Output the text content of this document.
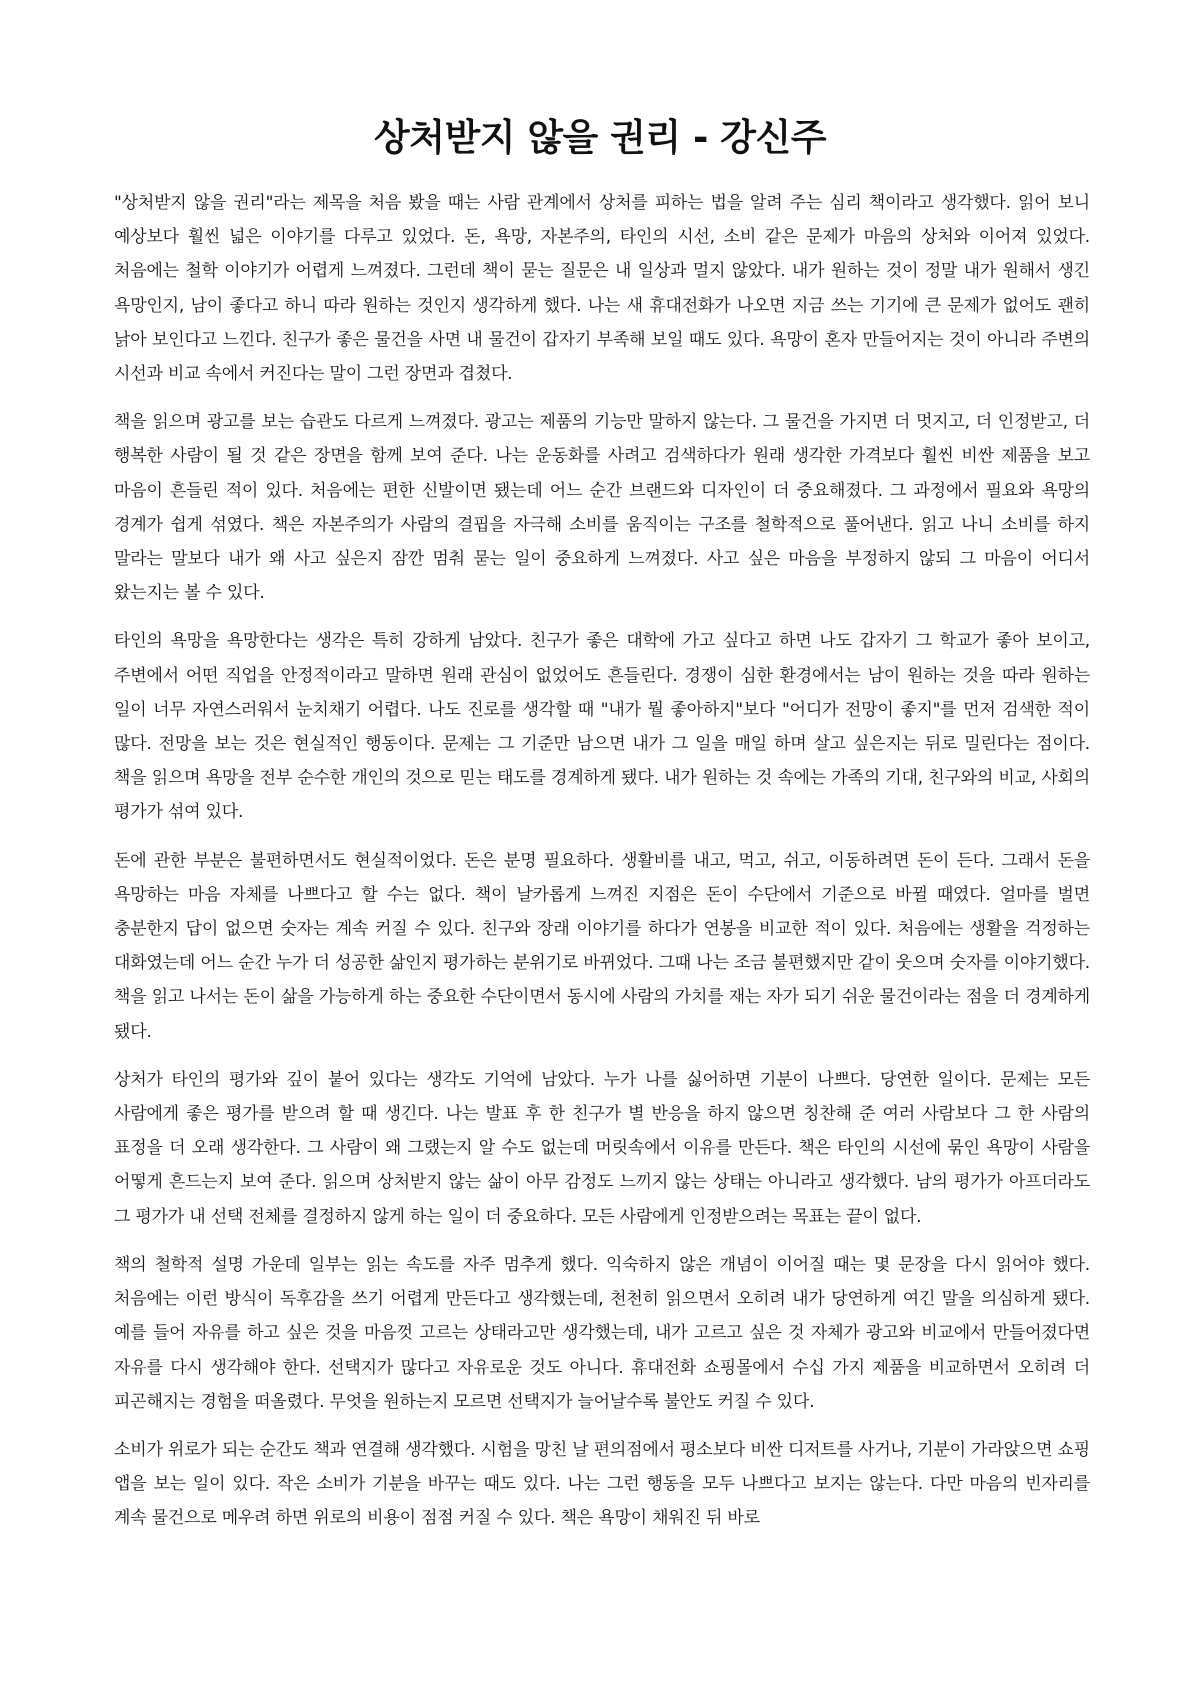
상처받지 않을 권리 - 강신주

"상처받지 않을 권리"라는 제목을 처음 봤을 때는 사람 관계에서 상처를 피하는 법을 알려 주는 심리 책이라고 생각했다. 읽어 보니 예상보다 훨씬 넓은 이야기를 다루고 있었다. 돈, 욕망, 자본주의, 타인의 시선, 소비 같은 문제가 마음의 상처와 이어져 있었다. 처음에는 철학 이야기가 어렵게 느껴졌다. 그런데 책이 묻는 질문은 내 일상과 멀지 않았다. 내가 원하는 것이 정말 내가 원해서 생긴 욕망인지, 남이 좋다고 하니 따라 원하는 것인지 생각하게 했다. 나는 새 휴대전화가 나오면 지금 쓰는 기기에 큰 문제가 없어도 괜히 낡아 보인다고 느낀다. 친구가 좋은 물건을 사면 내 물건이 갑자기 부족해 보일 때도 있다. 욕망이 혼자 만들어지는 것이 아니라 주변의 시선과 비교 속에서 커진다는 말이 그런 장면과 겹쳤다.

책을 읽으며 광고를 보는 습관도 다르게 느껴졌다. 광고는 제품의 기능만 말하지 않는다. 그 물건을 가지면 더 멋지고, 더 인정받고, 더 행복한 사람이 될 것 같은 장면을 함께 보여 준다. 나는 운동화를 사려고 검색하다가 원래 생각한 가격보다 훨씬 비싼 제품을 보고 마음이 흔들린 적이 있다. 처음에는 편한 신발이면 됐는데 어느 순간 브랜드와 디자인이 더 중요해졌다. 그 과정에서 필요와 욕망의 경계가 쉽게 섞였다. 책은 자본주의가 사람의 결핍을 자극해 소비를 움직이는 구조를 철학적으로 풀어낸다. 읽고 나니 소비를 하지 말라는 말보다 내가 왜 사고 싶은지 잠깐 멈춰 묻는 일이 중요하게 느껴졌다. 사고 싶은 마음을 부정하지 않되 그 마음이 어디서 왔는지는 볼 수 있다.

타인의 욕망을 욕망한다는 생각은 특히 강하게 남았다. 친구가 좋은 대학에 가고 싶다고 하면 나도 갑자기 그 학교가 좋아 보이고, 주변에서 어떤 직업을 안정적이라고 말하면 원래 관심이 없었어도 흔들린다. 경쟁이 심한 환경에서는 남이 원하는 것을 따라 원하는 일이 너무 자연스러워서 눈치채기 어렵다. 나도 진로를 생각할 때 "내가 뭘 좋아하지"보다 "어디가 전망이 좋지"를 먼저 검색한 적이 많다. 전망을 보는 것은 현실적인 행동이다. 문제는 그 기준만 남으면 내가 그 일을 매일 하며 살고 싶은지는 뒤로 밀린다는 점이다. 책을 읽으며 욕망을 전부 순수한 개인의 것으로 믿는 태도를 경계하게 됐다. 내가 원하는 것 속에는 가족의 기대, 친구와의 비교, 사회의 평가가 섞여 있다.

돈에 관한 부분은 불편하면서도 현실적이었다. 돈은 분명 필요하다. 생활비를 내고, 먹고, 쉬고, 이동하려면 돈이 든다. 그래서 돈을 욕망하는 마음 자체를 나쁘다고 할 수는 없다. 책이 날카롭게 느껴진 지점은 돈이 수단에서 기준으로 바뀔 때였다. 얼마를 벌면 충분한지 답이 없으면 숫자는 계속 커질 수 있다. 친구와 장래 이야기를 하다가 연봉을 비교한 적이 있다. 처음에는 생활을 걱정하는 대화였는데 어느 순간 누가 더 성공한 삶인지 평가하는 분위기로 바뀌었다. 그때 나는 조금 불편했지만 같이 웃으며 숫자를 이야기했다. 책을 읽고 나서는 돈이 삶을 가능하게 하는 중요한 수단이면서 동시에 사람의 가치를 재는 자가 되기 쉬운 물건이라는 점을 더 경계하게 됐다.

상처가 타인의 평가와 깊이 붙어 있다는 생각도 기억에 남았다. 누가 나를 싫어하면 기분이 나쁘다. 당연한 일이다. 문제는 모든 사람에게 좋은 평가를 받으려 할 때 생긴다. 나는 발표 후 한 친구가 별 반응을 하지 않으면 칭찬해 준 여러 사람보다 그 한 사람의 표정을 더 오래 생각한다. 그 사람이 왜 그랬는지 알 수도 없는데 머릿속에서 이유를 만든다. 책은 타인의 시선에 묶인 욕망이 사람을 어떻게 흔드는지 보여 준다. 읽으며 상처받지 않는 삶이 아무 감정도 느끼지 않는 상태는 아니라고 생각했다. 남의 평가가 아프더라도 그 평가가 내 선택 전체를 결정하지 않게 하는 일이 더 중요하다. 모든 사람에게 인정받으려는 목표는 끝이 없다.

책의 철학적 설명 가운데 일부는 읽는 속도를 자주 멈추게 했다. 익숙하지 않은 개념이 이어질 때는 몇 문장을 다시 읽어야 했다. 처음에는 이런 방식이 독후감을 쓰기 어렵게 만든다고 생각했는데, 천천히 읽으면서 오히려 내가 당연하게 여긴 말을 의심하게 됐다. 예를 들어 자유를 하고 싶은 것을 마음껏 고르는 상태라고만 생각했는데, 내가 고르고 싶은 것 자체가 광고와 비교에서 만들어졌다면 자유를 다시 생각해야 한다. 선택지가 많다고 자유로운 것도 아니다. 휴대전화 쇼핑몰에서 수십 가지 제품을 비교하면서 오히려 더 피곤해지는 경험을 떠올렸다. 무엇을 원하는지 모르면 선택지가 늘어날수록 불안도 커질 수 있다.

소비가 위로가 되는 순간도 책과 연결해 생각했다. 시험을 망친 날 편의점에서 평소보다 비싼 디저트를 사거나, 기분이 가라앉으면 쇼핑 앱을 보는 일이 있다. 작은 소비가 기분을 바꾸는 때도 있다. 나는 그런 행동을 모두 나쁘다고 보지는 않는다. 다만 마음의 빈자리를 계속 물건으로 메우려 하면 위로의 비용이 점점 커질 수 있다. 책은 욕망이 채워진 뒤 바로
